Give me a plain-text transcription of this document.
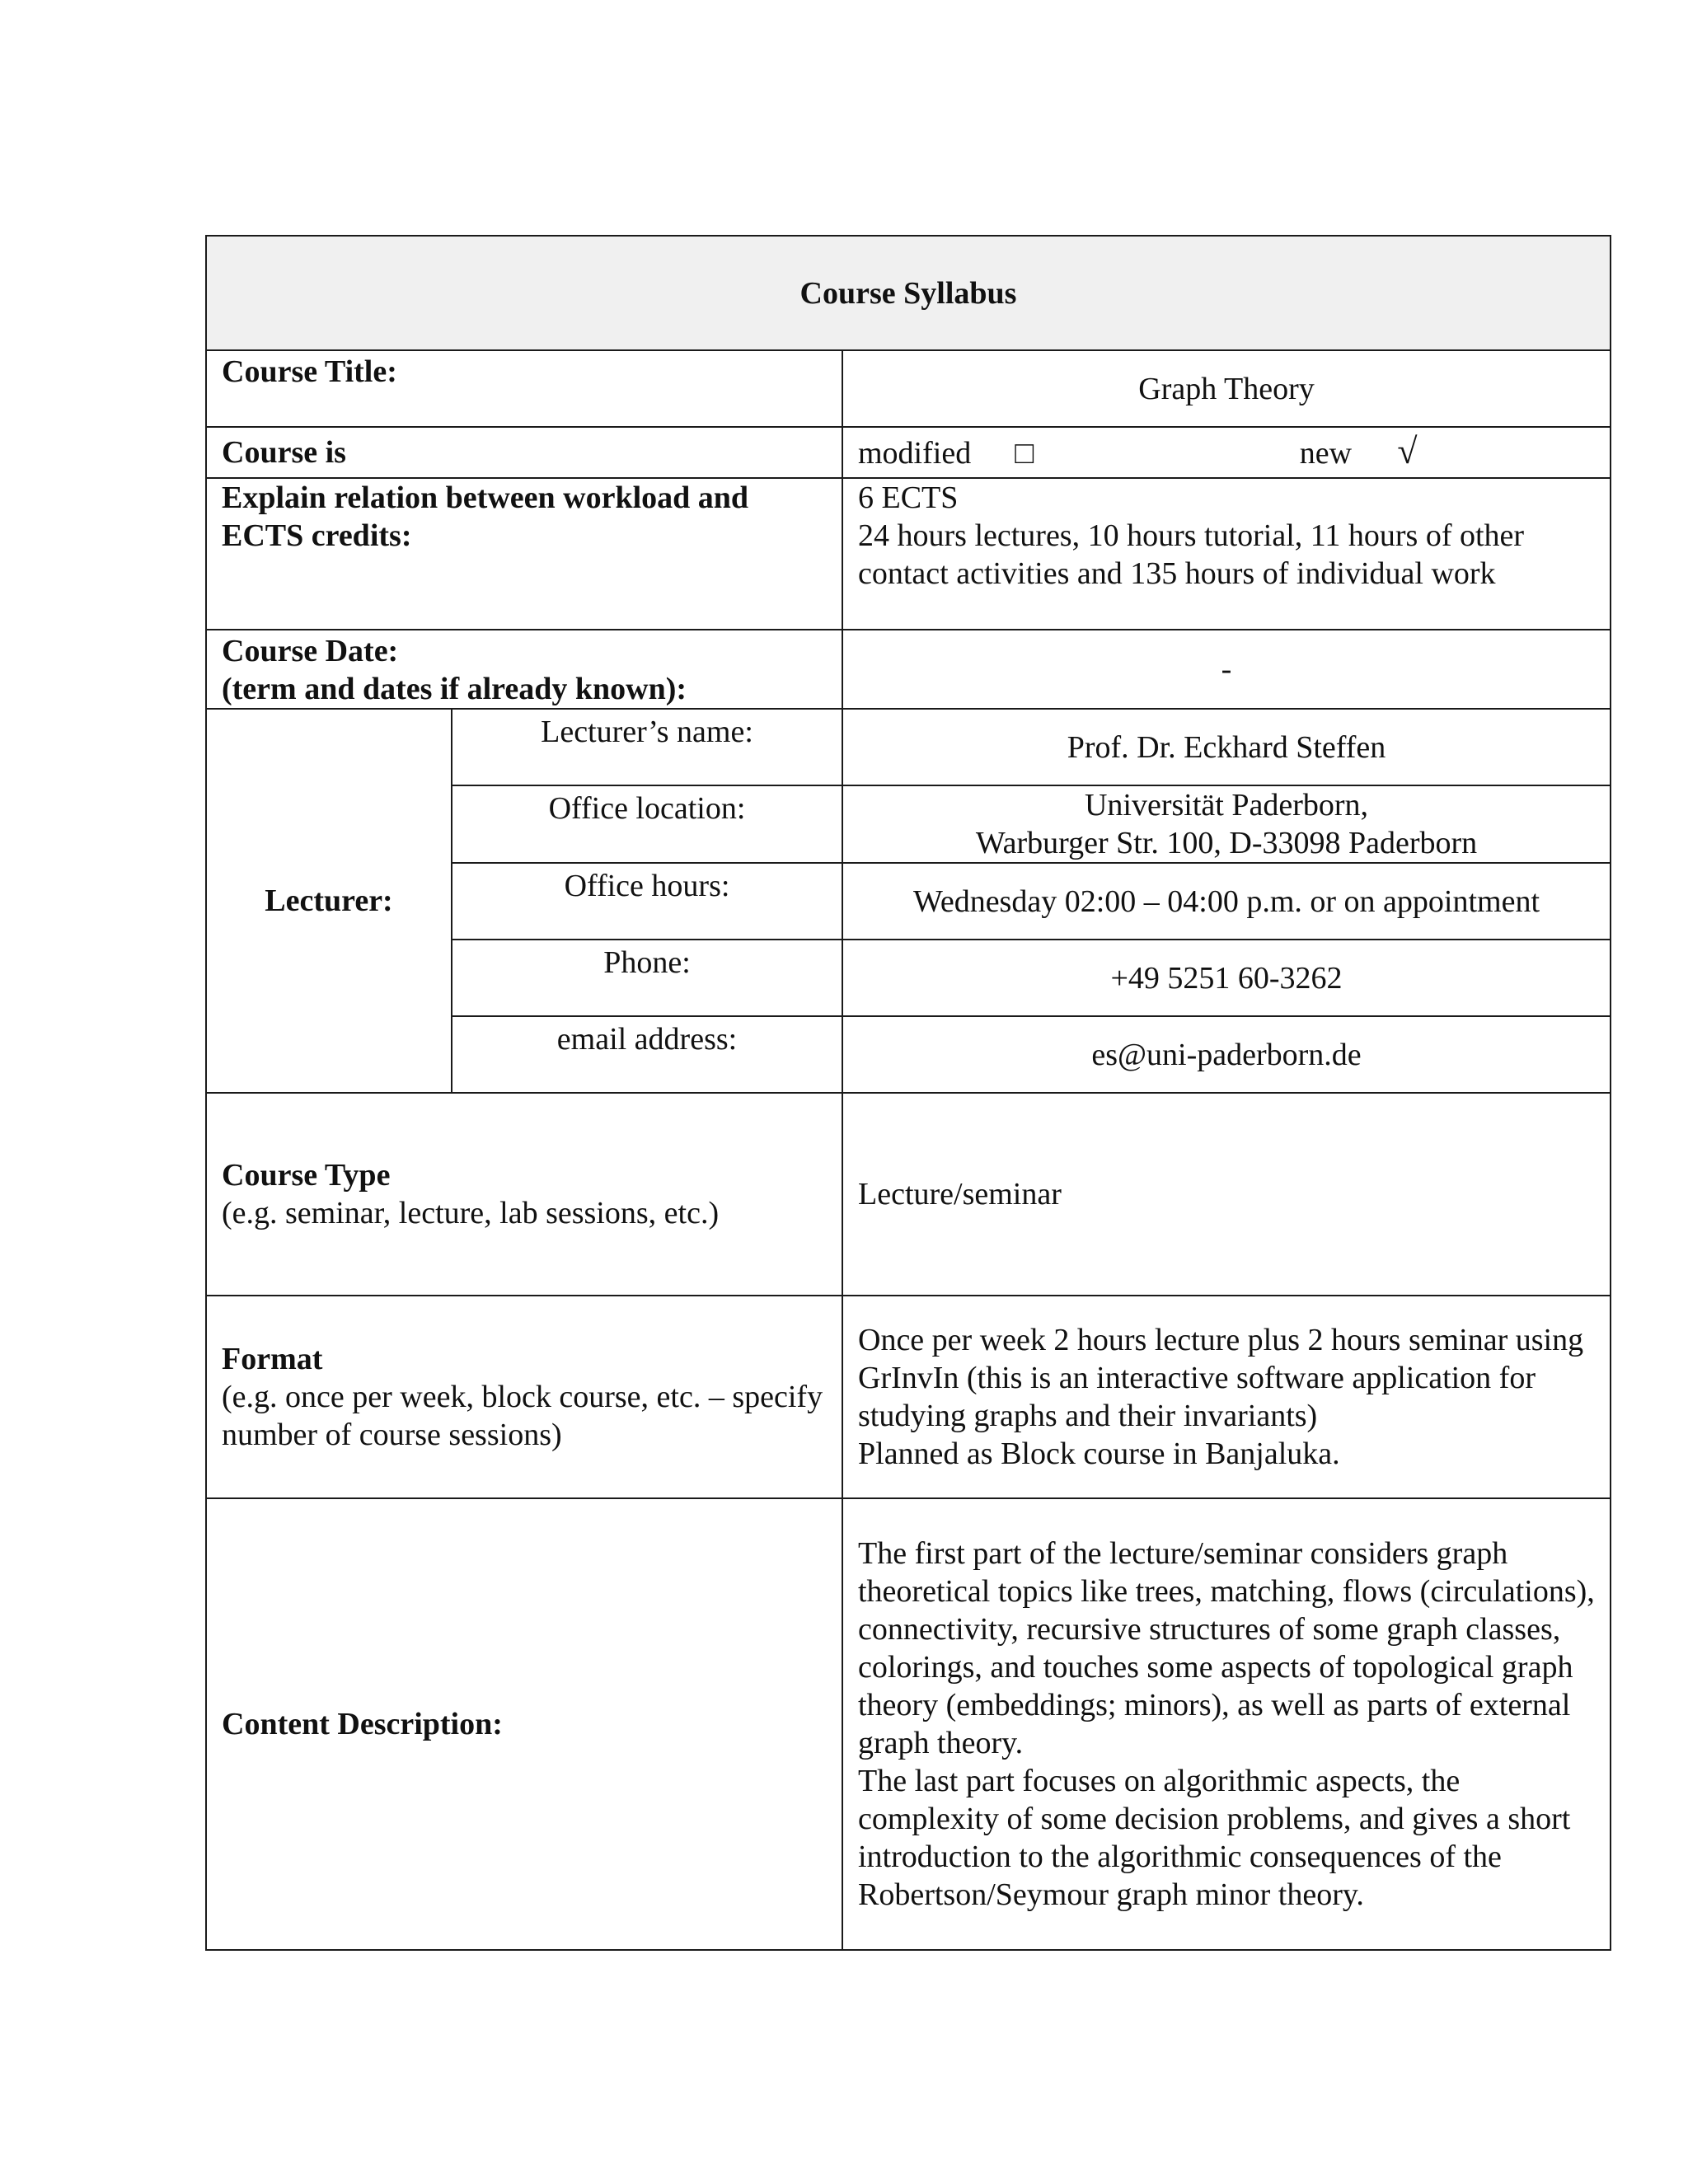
Course Syllabus		
Course Title:		Graph Theory
Course is		modified □ new √
Explain relation between workload and ECTS credits:		6 ECTS
24 hours lectures, 10 hours tutorial, 11 hours of other contact activities and 135 hours of individual work

Course Date:
(term and dates if already known):		-
Lecturer:	Lecturer’s name:	Prof. Dr. Eckhard Steffen
	Office location:	Universität Paderborn,
Warburger Str. 100, D-33098 Paderborn

	Office hours:	Wednesday 02:00 – 04:00 p.m. or on appointment
	Phone:	+49 5251 60-3262
	email address:	es@uni-paderborn.de

Course Type
(e.g. seminar, lecture, lab sessions, etc.)		Lecture/seminar

Format
(e.g. once per week, block course, etc. – specify number of course sessions)		Once per week 2 hours lecture plus 2 hours seminar using GrInvIn (this is an interactive software application for studying graphs and their invariants)
Planned as Block course in Banjaluka.

Content Description:		The first part of the lecture/seminar considers graph theoretical topics like trees, matching, flows (circulations), connectivity, recursive structures of some graph classes, colorings, and touches some aspects of topological graph theory (embeddings; minors), as well as parts of external graph theory.
The last part focuses on algorithmic aspects, the complexity of some decision problems, and gives a short introduction to the algorithmic consequences of the Robertson/Seymour graph minor theory.
